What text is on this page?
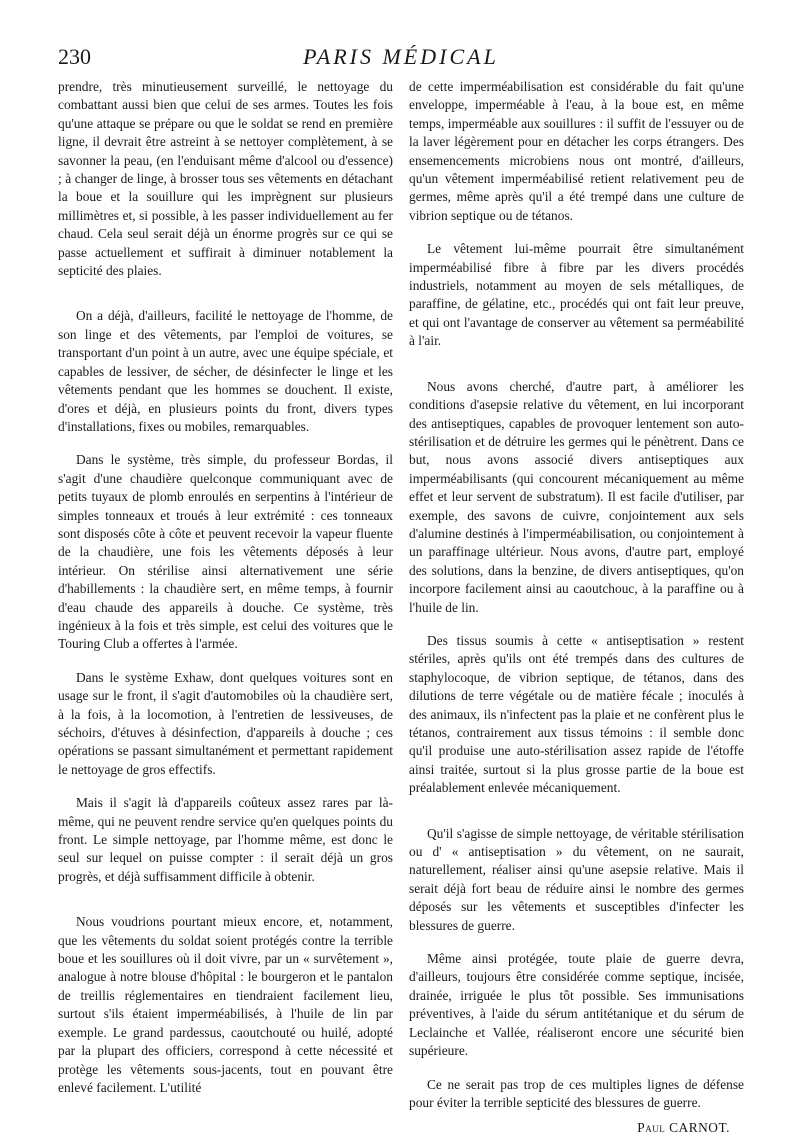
230	PARIS MÉDICAL

prendre, très minutieusement surveillé, le nettoyage du combattant aussi bien que celui de ses armes. Toutes les fois qu'une attaque se prépare ou que le soldat se rend en première ligne, il devrait être astreint à se nettoyer complètement, à se savonner la peau, (en l'enduisant même d'alcool ou d'essence) ; à changer de linge, à brosser tous ses vêtements en détachant la boue et la souillure qui les imprègnent sur plusieurs millimètres et, si possible, à les passer individuellement au fer chaud. Cela seul serait déjà un énorme progrès sur ce qui se passe actuellement et suffirait à diminuer notablement la septicité des plaies.

On a déjà, d'ailleurs, facilité le nettoyage de l'homme, de son linge et des vêtements, par l'emploi de voitures, se transportant d'un point à un autre, avec une équipe spéciale, et capables de lessiver, de sécher, de désinfecter le linge et les vêtements pendant que les hommes se douchent. Il existe, d'ores et déjà, en plusieurs points du front, divers types d'installations, fixes ou mobiles, remarquables.

Dans le système, très simple, du professeur Bordas, il s'agit d'une chaudière quelconque communiquant avec de petits tuyaux de plomb enroulés en serpentins à l'intérieur de simples tonneaux et troués à leur extrémité : ces tonneaux sont disposés côte à côte et peuvent recevoir la vapeur fluente de la chaudière, une fois les vêtements déposés à leur intérieur. On stérilise ainsi alternativement une série d'habillements : la chaudière sert, en même temps, à fournir d'eau chaude des appareils à douche. Ce système, très ingénieux à la fois et très simple, est celui des voitures que le Touring Club a offertes à l'armée.

Dans le système Exhaw, dont quelques voitures sont en usage sur le front, il s'agit d'automobiles où la chaudière sert, à la fois, à la locomotion, à l'entretien de lessiveuses, de séchoirs, d'étuves à désinfection, d'appareils à douche ; ces opérations se passant simultanément et permettant rapidement le nettoyage de gros effectifs.

Mais il s'agit là d'appareils coûteux assez rares par là-même, qui ne peuvent rendre service qu'en quelques points du front. Le simple nettoyage, par l'homme même, est donc le seul sur lequel on puisse compter : il serait déjà un gros progrès, et déjà suffisamment difficile à obtenir.

Nous voudrions pourtant mieux encore, et, notamment, que les vêtements du soldat soient protégés contre la terrible boue et les souillures où il doit vivre, par un « survêtement », analogue à notre blouse d'hôpital : le bourgeron et le pantalon de treillis réglementaires en tiendraient facilement lieu, surtout s'ils étaient imperméabilisés, à l'huile de lin par exemple. Le grand pardessus, caoutchouté ou huilé, adopté par la plupart des officiers, correspond à cette nécessité et protège les vêtements sous-jacents, tout en pouvant être enlevé facilement. L'utilité

de cette imperméabilisation est considérable du fait qu'une enveloppe, imperméable à l'eau, à la boue est, en même temps, imperméable aux souillures : il suffit de l'essuyer ou de la laver légèrement pour en détacher les corps étrangers. Des ensemencements microbiens nous ont montré, d'ailleurs, qu'un vêtement imperméabilisé retient relativement peu de germes, même après qu'il a été trempé dans une culture de vibrion septique ou de tétanos.

Le vêtement lui-même pourrait être simultanément imperméabilisé fibre à fibre par les divers procédés industriels, notamment au moyen de sels métalliques, de paraffine, de gélatine, etc., procédés qui ont fait leur preuve, et qui ont l'avantage de conserver au vêtement sa perméabilité à l'air.

Nous avons cherché, d'autre part, à améliorer les conditions d'asepsie relative du vêtement, en lui incorporant des antiseptiques, capables de provoquer lentement son auto-stérilisation et de détruire les germes qui le pénètrent. Dans ce but, nous avons associé divers antiseptiques aux imperméabilisants (qui concourent mécaniquement au même effet et leur servent de substratum). Il est facile d'utiliser, par exemple, des savons de cuivre, conjointement aux sels d'alumine destinés à l'imperméabilisation, ou conjointement à un paraffinage ultérieur. Nous avons, d'autre part, employé des solutions, dans la benzine, de divers antiseptiques, qu'on incorpore facilement ainsi au caoutchouc, à la paraffine ou à l'huile de lin.

Des tissus soumis à cette « antiseptisation » restent stériles, après qu'ils ont été trempés dans des cultures de staphylocoque, de vibrion septique, de tétanos, dans des dilutions de terre végétale ou de matière fécale ; inoculés à des animaux, ils n'infectent pas la plaie et ne confèrent plus le tétanos, contrairement aux tissus témoins : il semble donc qu'il produise une auto-stérilisation assez rapide de l'étoffe ainsi traitée, surtout si la plus grosse partie de la boue est préalablement enlevée mécaniquement.

Qu'il s'agisse de simple nettoyage, de véritable stérilisation ou d' « antiseptisation » du vêtement, on ne saurait, naturellement, réaliser ainsi qu'une asepsie relative. Mais il serait déjà fort beau de réduire ainsi le nombre des germes déposés sur les vêtements et susceptibles d'infecter les blessures de guerre.

Même ainsi protégée, toute plaie de guerre devra, d'ailleurs, toujours être considérée comme septique, incisée, drainée, irriguée le plus tôt possible. Ses immunisations préventives, à l'aide du sérum antitétanique et du sérum de Leclainche et Vallée, réaliseront encore une sécurité bien supérieure.

Ce ne serait pas trop de ces multiples lignes de défense pour éviter la terrible septicité des blessures de guerre.

Paul CARNOT.
